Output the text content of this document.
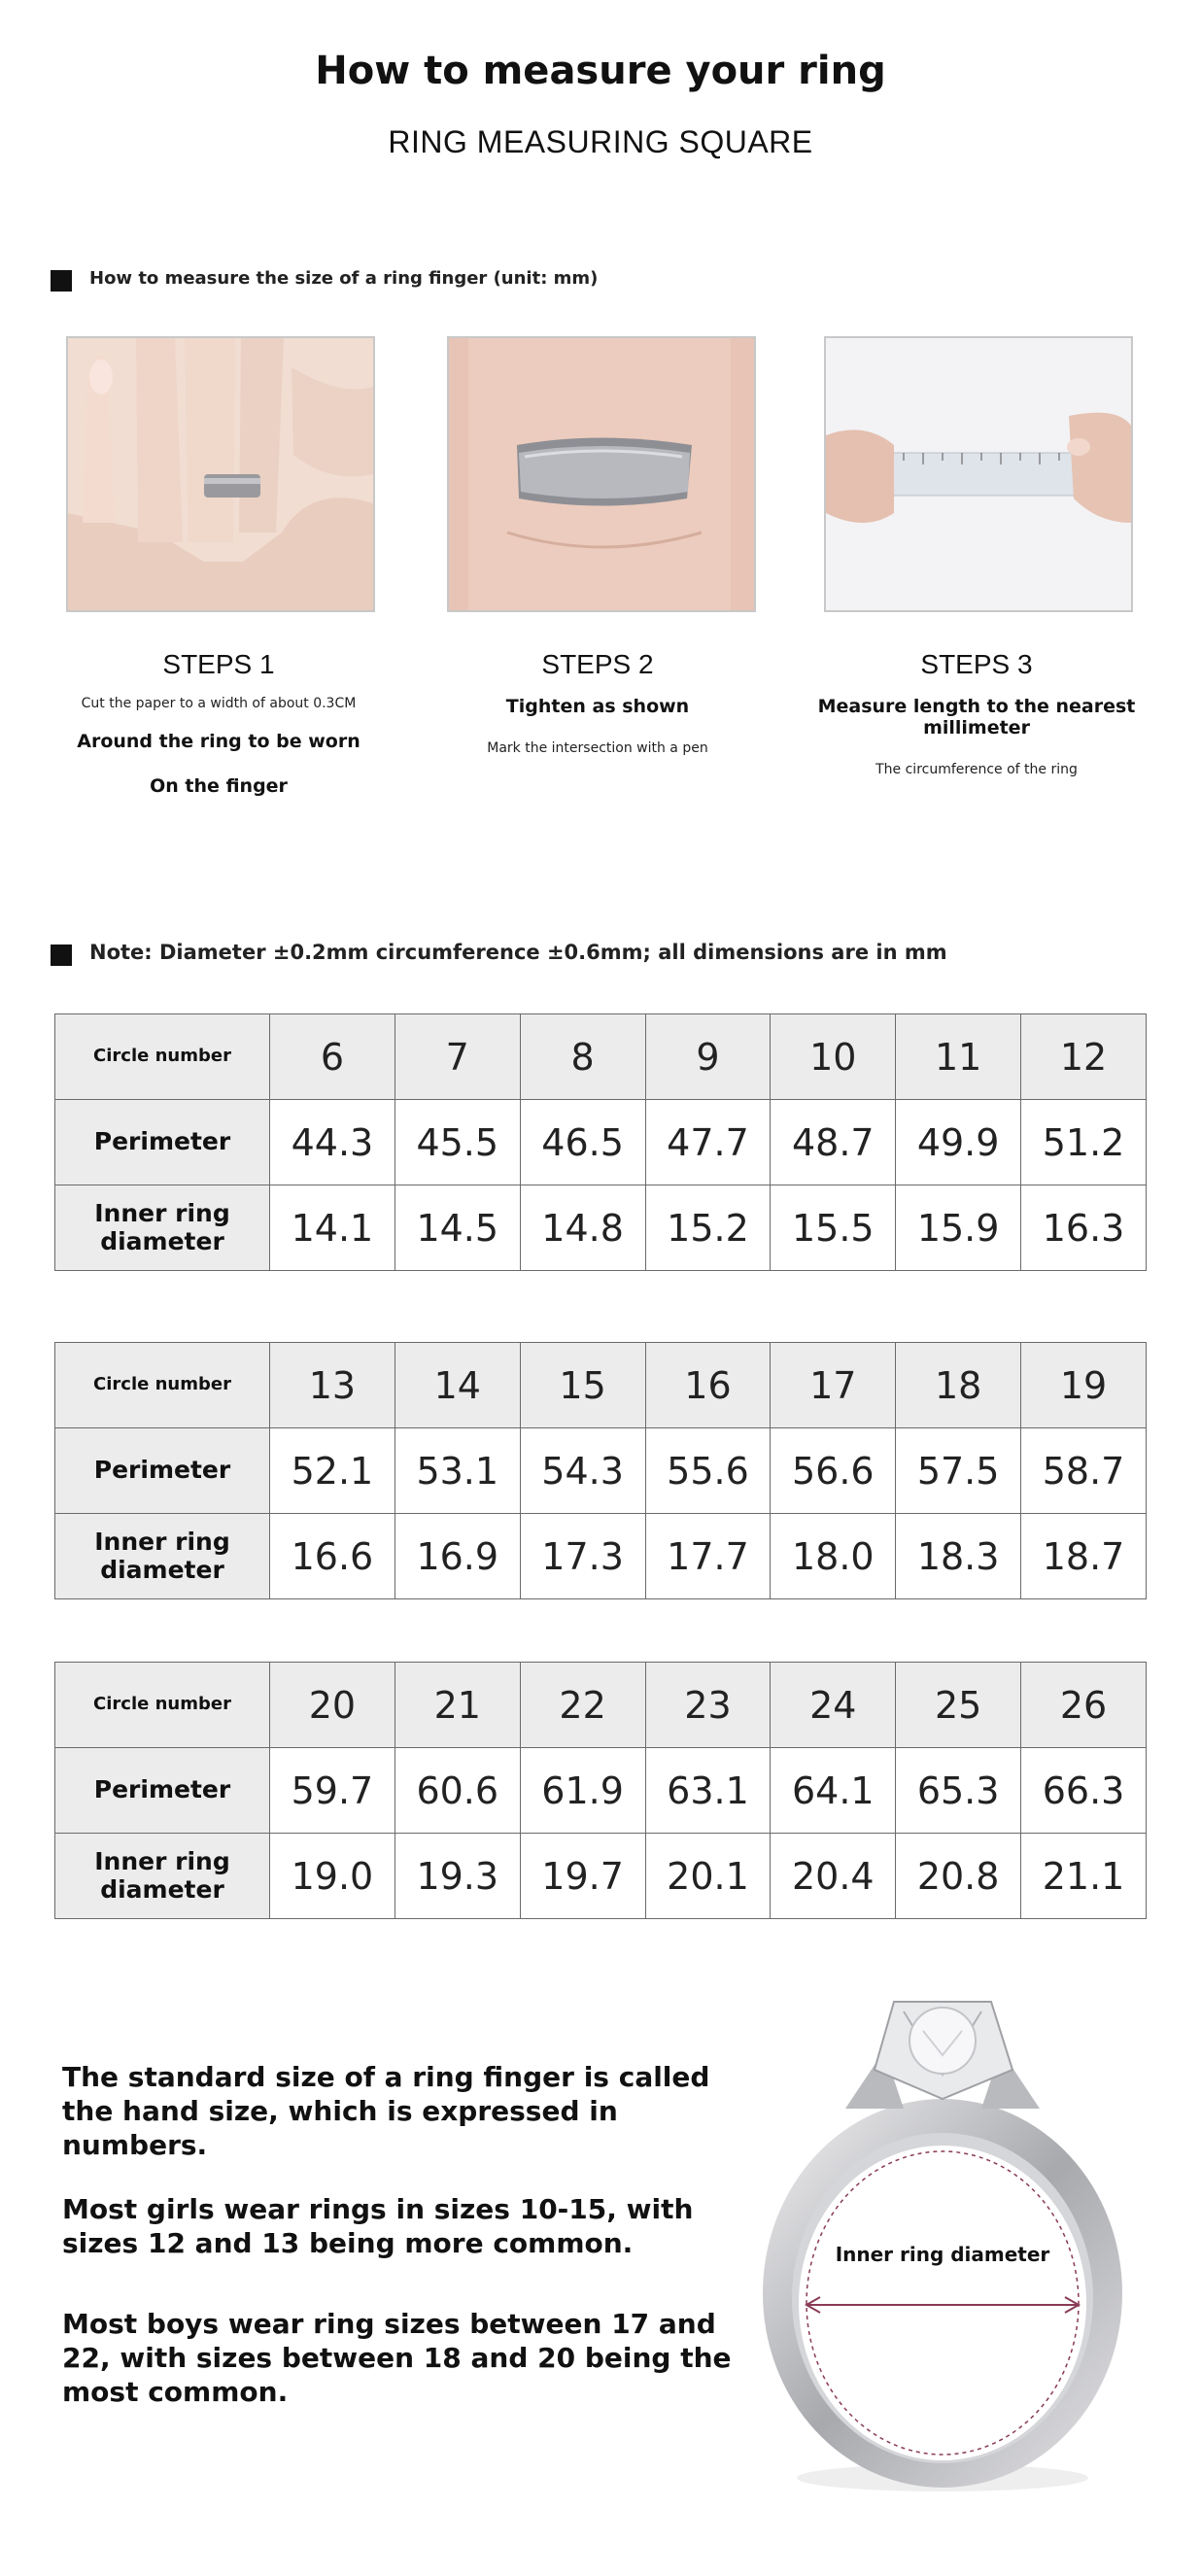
How to measure your ring
RING MEASURING SQUARE
How to measure the size of a ring finger (unit: mm)
STEPS 1
Cut the paper to a width of about 0.3CM
Around the ring to be worn
On the finger
STEPS 2
Tighten as shown
Mark the intersection with a pen
STEPS 3
Measure length to the nearest millimeter
The circumference of the ring
Note: Diameter ±0.2mm circumference ±0.6mm; all dimensions are in mm
Circle number	6	7	8	9	10	11	12
Perimeter	44.3	45.5	46.5	47.7	48.7	49.9	51.2
Inner ring diameter	14.1	14.5	14.8	15.2	15.5	15.9	16.3
Circle number	13	14	15	16	17	18	19
Perimeter	52.1	53.1	54.3	55.6	56.6	57.5	58.7
Inner ring diameter	16.6	16.9	17.3	17.7	18.0	18.3	18.7
Circle number	20	21	22	23	24	25	26
Perimeter	59.7	60.6	61.9	63.1	64.1	65.3	66.3
Inner ring diameter	19.0	19.3	19.7	20.1	20.4	20.8	21.1
The standard size of a ring finger is called the hand size, which is expressed in numbers.
Most girls wear rings in sizes 10-15, with sizes 12 and 13 being more common.
Most boys wear ring sizes between 17 and 22, with sizes between 18 and 20 being the most common.
Inner ring diameter
